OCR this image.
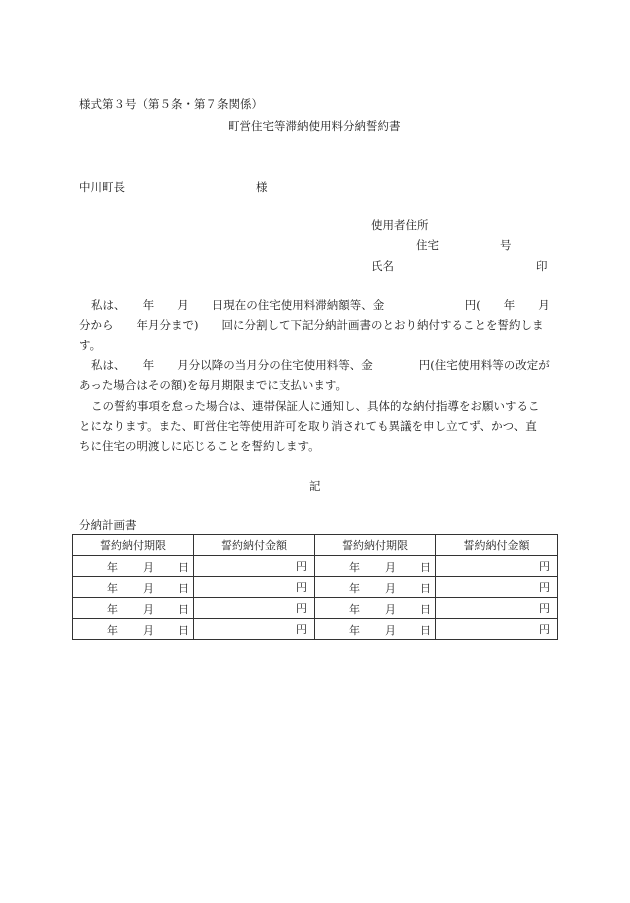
様式第３号（第５条・第７条関係）
町営住宅等滞納使用料分納誓約書
中川町長	様
使用者住所
住宅	号
氏名	印
私は、　　年　　月　　日現在の住宅使用料滞納額等、金　　　　　　　円(　　年　　月
分から　　年月分まで)　　回に分割して下記分納計画書のとおり納付することを誓約しま
す。
私は、　　年　　月分以降の当月分の住宅使用料等、金　　　　円(住宅使用料等の改定が
あった場合はその額)を毎月期限までに支払います。
この誓約事項を怠った場合は、連帯保証人に通知し、具体的な納付指導をお願いするこ
とになります。また、町営住宅等使用許可を取り消されても異議を申し立てず、かつ、直
ちに住宅の明渡しに応じることを誓約します。
記
分納計画書
誓約納付期限	誓約納付金額	誓約納付期限	誓約納付金額

年 月 日	円	年 月 日	円

年 月 日	円	年 月 日	円

年 月 日	円	年 月 日	円

年 月 日	円	年 月 日	円
